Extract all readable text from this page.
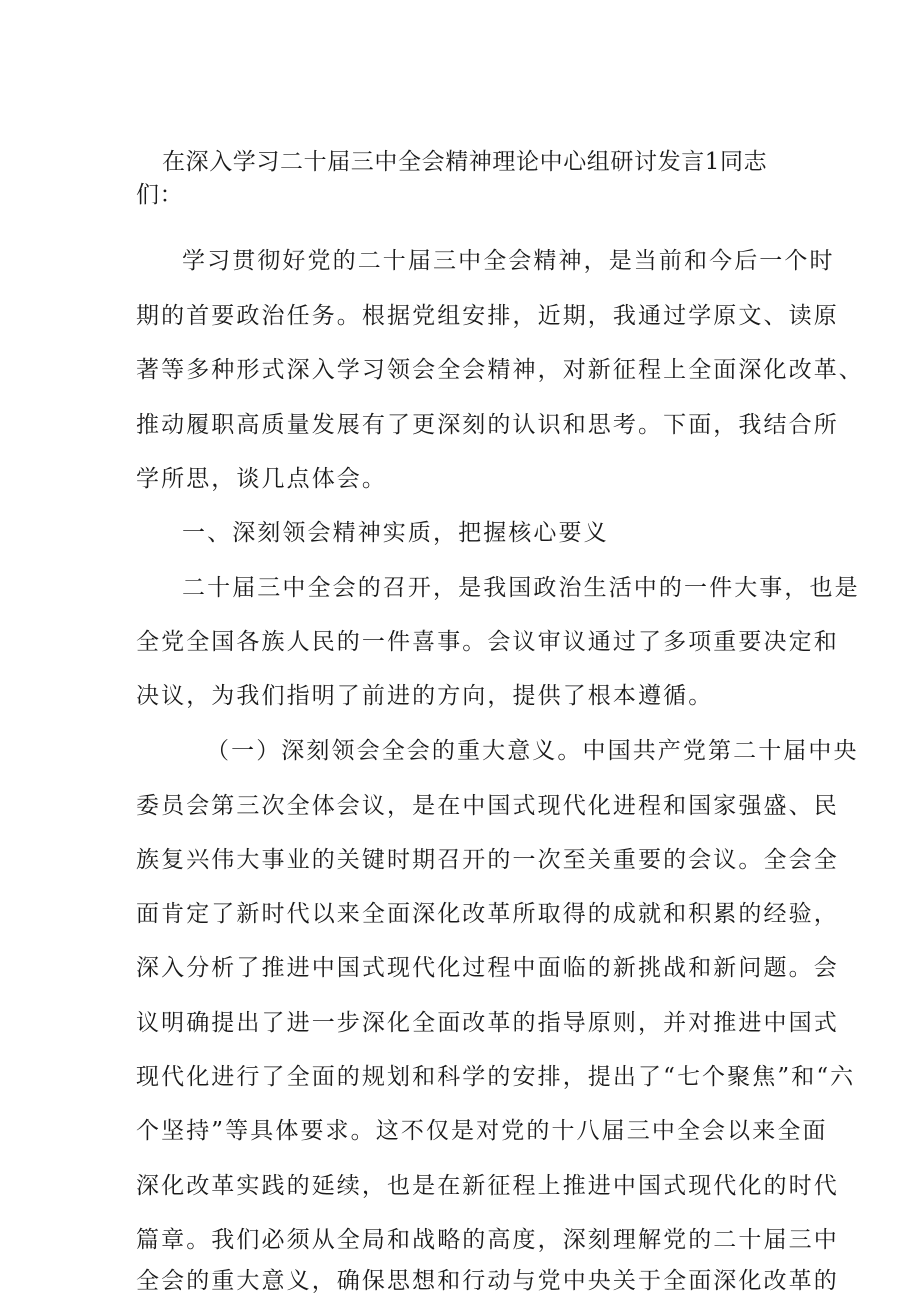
在深入学习二十届三中全会精神理论中心组研讨发言1同志
们：
学习贯彻好党的二十届三中全会精神，是当前和今后一个时
期的首要政治任务。根据党组安排，近期，我通过学原文、读原
著等多种形式深入学习领会全会精神，对新征程上全面深化改革、
推动履职高质量发展有了更深刻的认识和思考。下面，我结合所
学所思，谈几点体会。
一、深刻领会精神实质，把握核心要义
二十届三中全会的召开，是我国政治生活中的一件大事，也是
全党全国各族人民的一件喜事。会议审议通过了多项重要决定和
决议，为我们指明了前进的方向，提供了根本遵循。
（一）深刻领会全会的重大意义。中国共产党第二十届中央
委员会第三次全体会议，是在中国式现代化进程和国家强盛、民
族复兴伟大事业的关键时期召开的一次至关重要的会议。全会全
面肯定了新时代以来全面深化改革所取得的成就和积累的经验，
深入分析了推进中国式现代化过程中面临的新挑战和新问题。会
议明确提出了进一步深化全面改革的指导原则，并对推进中国式
现代化进行了全面的规划和科学的安排，提出了“七个聚焦”和“六
个坚持”等具体要求。这不仅是对党的十八届三中全会以来全面
深化改革实践的延续，也是在新征程上推进中国式现代化的时代
篇章。我们必须从全局和战略的高度，深刻理解党的二十届三中
全会的重大意义，确保思想和行动与党中央关于全面深化改革的
